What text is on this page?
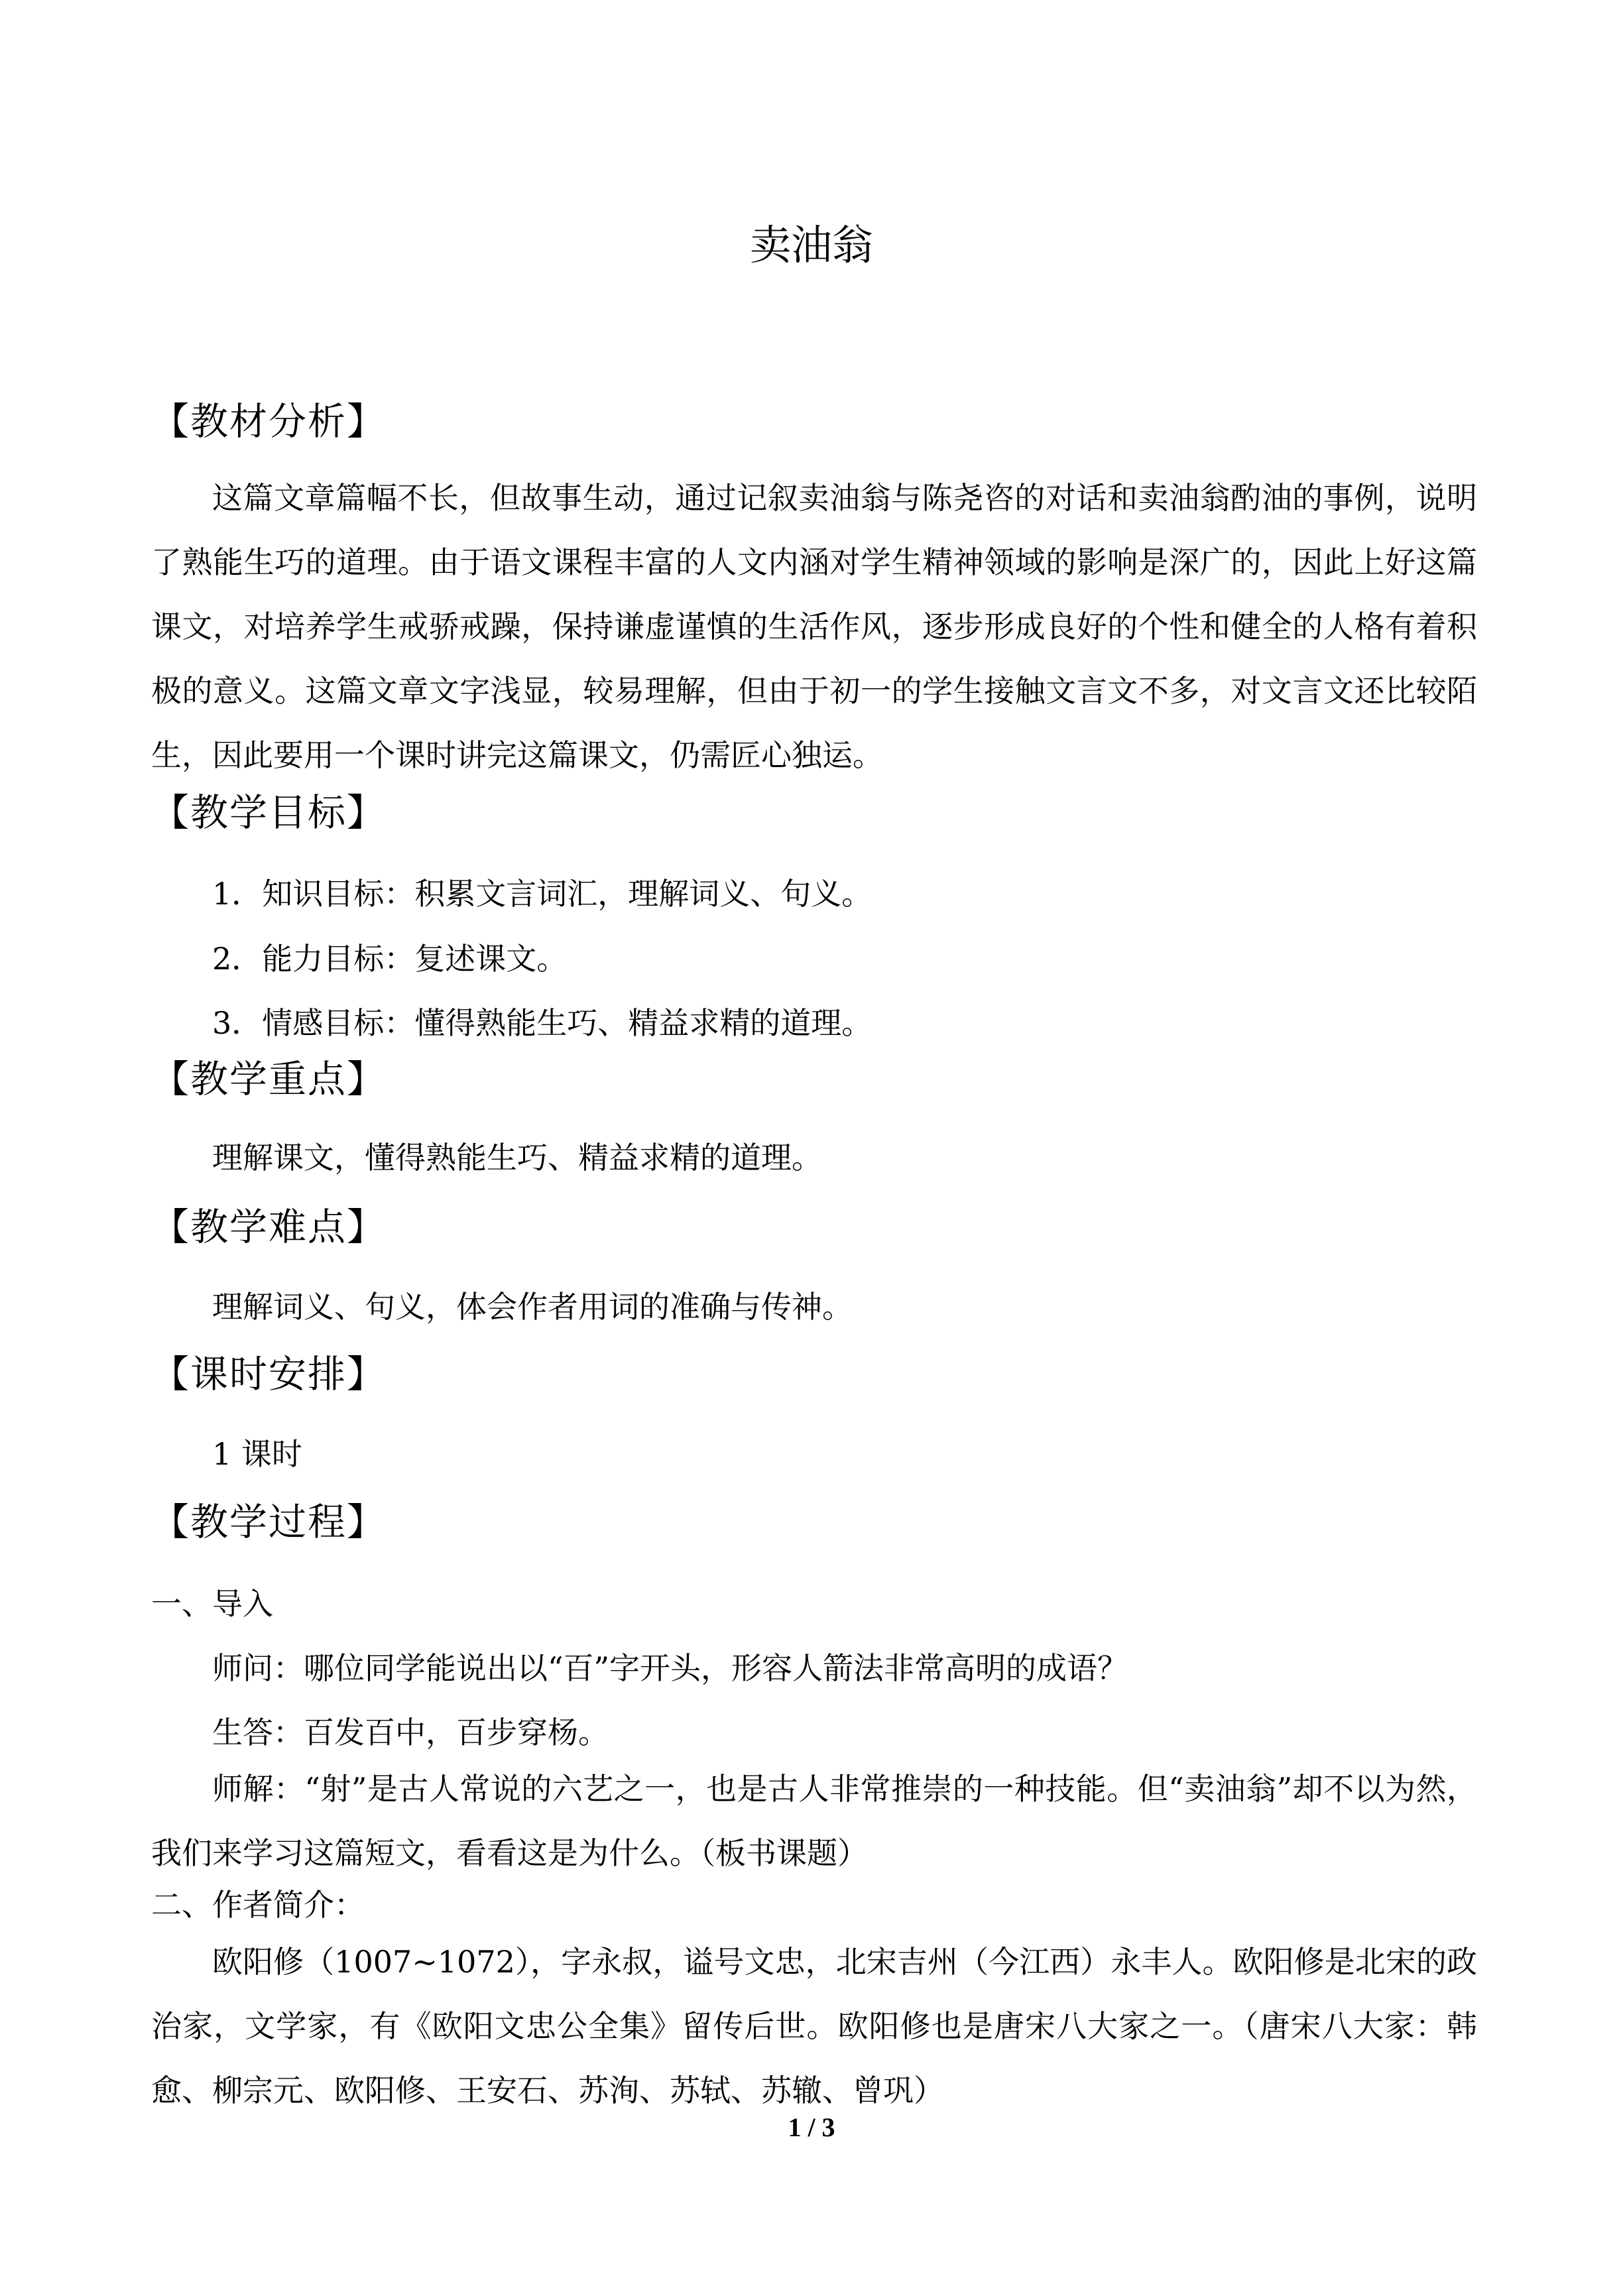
卖油翁
【教材分析】
这篇文章篇幅不长，但故事生动，通过记叙卖油翁与陈尧咨的对话和卖油翁酌油的事例，说明了熟能生巧的道理。由于语文课程丰富的人文内涵对学生精神领域的影响是深广的，因此上好这篇课文，对培养学生戒骄戒躁，保持谦虚谨慎的生活作风，逐步形成良好的个性和健全的人格有着积极的意义。这篇文章文字浅显，较易理解，但由于初一的学生接触文言文不多，对文言文还比较陌生，因此要用一个课时讲完这篇课文，仍需匠心独运。
【教学目标】
1．知识目标：积累文言词汇，理解词义、句义。
2．能力目标：复述课文。
3．情感目标：懂得熟能生巧、精益求精的道理。
【教学重点】
理解课文，懂得熟能生巧、精益求精的道理。
【教学难点】
理解词义、句义，体会作者用词的准确与传神。
【课时安排】
1 课时
【教学过程】
一、导入
师问：哪位同学能说出以“百”字开头，形容人箭法非常高明的成语？
生答：百发百中，百步穿杨。
师解：“射”是古人常说的六艺之一，也是古人非常推崇的一种技能。但“卖油翁”却不以为然，我们来学习这篇短文，看看这是为什么。（板书课题）
二、作者简介：
欧阳修（1007~1072），字永叔，谥号文忠，北宋吉州（今江西）永丰人。欧阳修是北宋的政治家，文学家，有《欧阳文忠公全集》留传后世。欧阳修也是唐宋八大家之一。（唐宋八大家：韩愈、柳宗元、欧阳修、王安石、苏洵、苏轼、苏辙、曾巩）
1 / 3
